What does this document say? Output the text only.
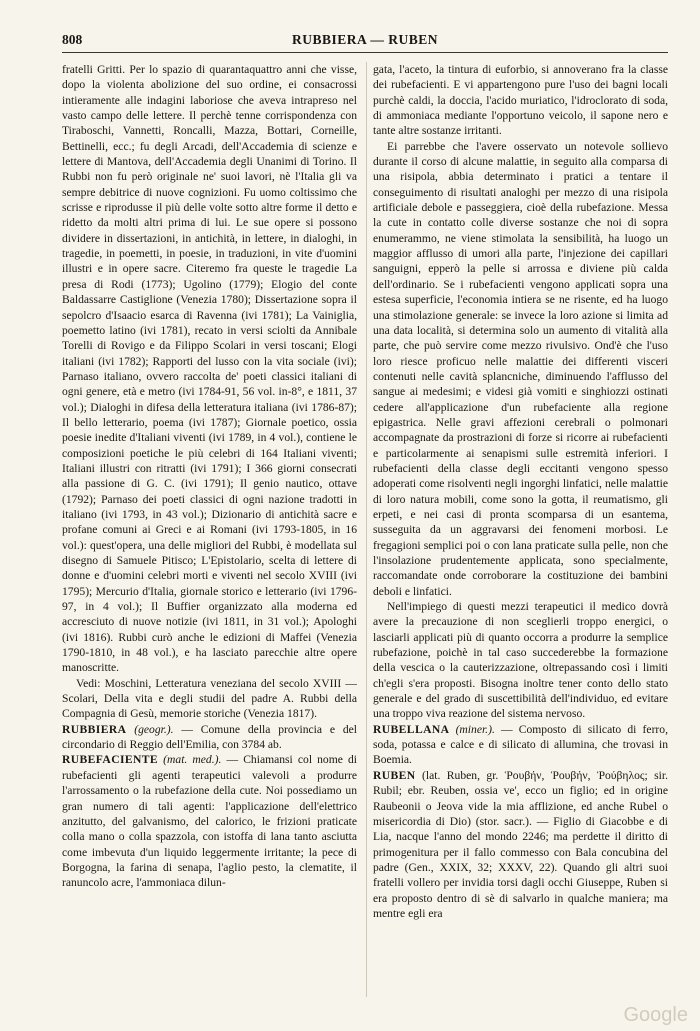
808	RUBBIERA — RUBEN

fratelli Gritti. Per lo spazio di quarantaquattro anni che visse, dopo la violenta abolizione del suo ordine, ei consacrossi intieramente alle indagini laboriose che aveva intrapreso nel vasto campo delle lettere. Il perchè tenne corrispondenza con Tiraboschi, Vannetti, Roncalli, Mazza, Bottari, Corneille, Bettinelli, ecc.; fu degli Arcadi, dell'Accademia di scienze e lettere di Mantova, dell'Accademia degli Unanimi di Torino. Il Rubbi non fu però originale ne' suoi lavori, nè l'Italia gli va sempre debitrice di nuove cognizioni. Fu uomo coltissimo che scrisse e riprodusse il più delle volte sotto altre forme il detto e ridetto da molti altri prima di lui. Le sue opere si possono dividere in dissertazioni, in antichità, in lettere, in dialoghi, in tragedie, in poemetti, in poesie, in traduzioni, in vite d'uomini illustri e in opere sacre. Citeremo fra queste le tragedie La presa di Rodi (1773); Ugolino (1779); Elogio del conte Baldassarre Castiglione (Venezia 1780); Dissertazione sopra il sepolcro d'Isaacio esarca di Ravenna (ivi 1781); La Vainiglia, poemetto latino (ivi 1781), recato in versi sciolti da Annibale Torelli di Rovigo e da Filippo Scolari in versi toscani; Elogi italiani (ivi 1782); Rapporti del lusso con la vita sociale (ivi); Parnaso italiano, ovvero raccolta de' poeti classici italiani di ogni genere, età e metro (ivi 1784-91, 56 vol. in-8°, e 1811, 37 vol.); Dialoghi in difesa della letteratura italiana (ivi 1786-87); Il bello letterario, poema (ivi 1787); Giornale poetico, ossia poesie inedite d'Italiani viventi (ivi 1789, in 4 vol.), contiene le composizioni poetiche le più celebri di 164 Italiani viventi; Italiani illustri con ritratti (ivi 1791); I 366 giorni consecrati alla passione di G. C. (ivi 1791); Il genio nautico, ottave (1792); Parnaso dei poeti classici di ogni nazione tradotti in italiano (ivi 1793, in 43 vol.); Dizionario di antichità sacre e profane comuni ai Greci e ai Romani (ivi 1793-1805, in 16 vol.): quest'opera, una delle migliori del Rubbi, è modellata sul disegno di Samuele Pitisco; L'Epistolario, scelta di lettere di donne e d'uomini celebri morti e viventi nel secolo XVIII (ivi 1795); Mercurio d'Italia, giornale storico e letterario (ivi 1796-97, in 4 vol.); Il Buffier organizzato alla moderna ed accresciuto di nuove notizie (ivi 1811, in 31 vol.); Apologhi (ivi 1816). Rubbi curò anche le edizioni di Maffei (Venezia 1790-1810, in 48 vol.), e ha lasciato parecchie altre opere manoscritte.

Vedi: Moschini, Letteratura veneziana del secolo XVIII — Scolari, Della vita e degli studii del padre A. Rubbi della Compagnia di Gesù, memorie storiche (Venezia 1817).

RUBBIERA (geogr.). — Comune della provincia e del circondario di Reggio dell'Emilia, con 3784 ab.

RUBEFACIENTE (mat. med.). — Chiamansi col nome di rubefacienti gli agenti terapeutici valevoli a produrre l'arrossamento o la rubefazione della cute. Noi possediamo un gran numero di tali agenti: l'applicazione dell'elettrico anzitutto, del galvanismo, del calorico, le frizioni praticate colla mano o colla spazzola, con istoffa di lana tanto asciutta come imbevuta d'un liquido leggermente irritante; la pece di Borgogna, la farina di senapa, l'aglio pesto, la clematite, il ranuncolo acre, l'ammoniaca dilun-

gata, l'aceto, la tintura di euforbio, si annoverano fra la classe dei rubefacienti. E vi appartengono pure l'uso dei bagni locali purchè caldi, la doccia, l'acido muriatico, l'idroclorato di soda, di ammoniaca mediante l'opportuno veicolo, il sapone nero e tante altre sostanze irritanti.

Ei parrebbe che l'avere osservato un notevole sollievo durante il corso di alcune malattie, in seguito alla comparsa di una risipola, abbia determinato i pratici a tentare il conseguimento di risultati analoghi per mezzo di una risipola artificiale debole e passeggiera, cioè della rubefazione. Messa la cute in contatto colle diverse sostanze che noi di sopra enumerammo, ne viene stimolata la sensibilità, ha luogo un maggior afflusso di umori alla parte, l'injezione dei capillari sanguigni, epperò la pelle si arrossa e diviene più calda dell'ordinario. Se i rubefacienti vengono applicati sopra una estesa superficie, l'economia intiera se ne risente, ed ha luogo una stimolazione generale: se invece la loro azione si limita ad una data località, si determina solo un aumento di vitalità alla parte, che può servire come mezzo rivulsivo. Ond'è che l'uso loro riesce proficuo nelle malattie dei differenti visceri contenuti nelle cavità splancniche, diminuendo l'afflusso del sangue ai medesimi; e videsi già vomiti e singhiozzi ostinati cedere all'applicazione d'un rubefaciente alla regione epigastrica. Nelle gravi affezioni cerebrali o polmonari accompagnate da prostrazioni di forze si ricorre ai rubefacienti e particolarmente ai senapismi sulle estremità inferiori. I rubefacienti della classe degli eccitanti vengono spesso adoperati come risolventi negli ingorghi linfatici, nelle malattie di loro natura mobili, come sono la gotta, il reumatismo, gli erpeti, e nei casi di pronta scomparsa di un esantema, susseguita da un aggravarsi dei fenomeni morbosi. Le fregagioni semplici poi o con lana praticate sulla pelle, non che l'insolazione prudentemente applicata, sono specialmente, raccomandate onde corroborare la costituzione dei bambini deboli e linfatici.

Nell'impiego di questi mezzi terapeutici il medico dovrà avere la precauzione di non sceglierli troppo energici, o lasciarli applicati più di quanto occorra a produrre la semplice rubefazione, poichè in tal caso succederebbe la formazione della vescica o la cauterizzazione, oltrepassando così i limiti ch'egli s'era proposti. Bisogna inoltre tener conto dello stato generale e del grado di suscettibilità dell'individuo, ed evitare una troppo viva reazione del sistema nervoso.

RUBELLANA (miner.). — Composto di silicato di ferro, soda, potassa e calce e di silicato di allumina, che trovasi in Boemia.

RUBEN (lat. Ruben, gr. Ῥουβήν, Ῥουβήν, Ῥούβηλος; sir. Rubil; ebr. Reuben, ossia ve', ecco un figlio; ed in origine Raubeonii o Jeova vide la mia afflizione, ed anche Rubel o misericordia di Dio) (stor. sacr.). — Figlio di Giacobbe e di Lia, nacque l'anno del mondo 2246; ma perdette il diritto di primogenitura per il fallo commesso con Bala concubina del padre (Gen., XXIX, 32; XXXV, 22). Quando gli altri suoi fratelli vollero per invidia torsi dagli occhi Giuseppe, Ruben si era proposto dentro di sè di salvarlo in qualche maniera; ma mentre egli era

Google
